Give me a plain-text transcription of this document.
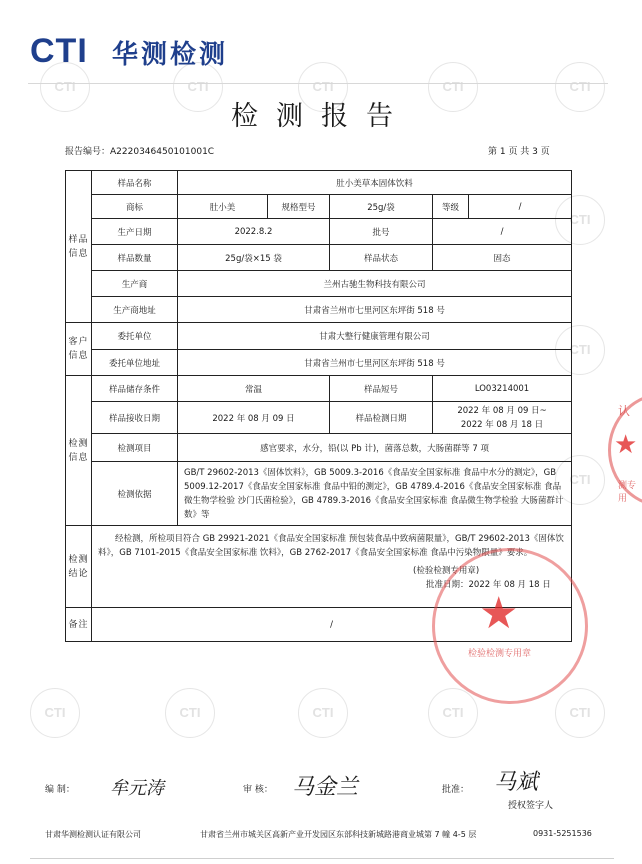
CTI	CTI	CTI	CTI	CTI
CTI
CTI
CTI
CTI	CTI	CTI	CTI	CTI
CTI 华测检测
检测报告
报告编号：A2220346450101001C	第 1 页 共 3 页
样品信息	样品名称	肚小美草本固体饮料				
	商标	肚小美	规格型号	25g/袋	等级	/
	生产日期	2022.8.2		批号	/	
	样品数量	25g/袋×15 袋		样品状态	固态	
	生产商	兰州古驰生物科技有限公司				
	生产商地址	甘肃省兰州市七里河区东坪街 518 号				
客户信息	委托单位	甘肃大整行健康管理有限公司				
	委托单位地址	甘肃省兰州市七里河区东坪街 518 号				
检测信息	样品储存条件	常温		样品短号	LO03214001	
	样品接收日期	2022 年 08 月 09 日		样品检测日期	2022 年 08 月 09 日~
2022 年 08 月 18 日	

	检测项目	感官要求，水分，铅(以 Pb 计)，菌落总数，大肠菌群等 7 项				
	检测依据	GB/T 29602-2013《固体饮料》，GB 5009.3-2016《食品安全国家标准 食品中水分的测定》，GB 5009.12-2017《食品安全国家标准 食品中铅的测定》，GB 4789.4-2016《食品安全国家标准 食品微生物学检验 沙门氏菌检验》，GB 4789.3-2016《食品安全国家标准 食品微生物学检验 大肠菌群计数》等				
检测结论	经检测，所检项目符合 GB 29921-2021《食品安全国家标准 预包装食品中致病菌限量》，GB/T 29602-2013《固体饮料》，GB 7101-2015《食品安全国家标准 饮料》，GB 2762-2017《食品安全国家标准 食品中污染物限量》要求。
(检验检测专用章)
批准日期：2022 年 08 月 18 日					

备注	/						★
检验检测专用章
认
★
测专用
编 制： 牟元涛	审 核： 马金兰	批准： 马斌
授权签字人
甘肃华测检测认证有限公司	甘肃省兰州市城关区高新产业开发园区东部科技新城路港商业城第 7 幢 4-5 层	0931-5251536
